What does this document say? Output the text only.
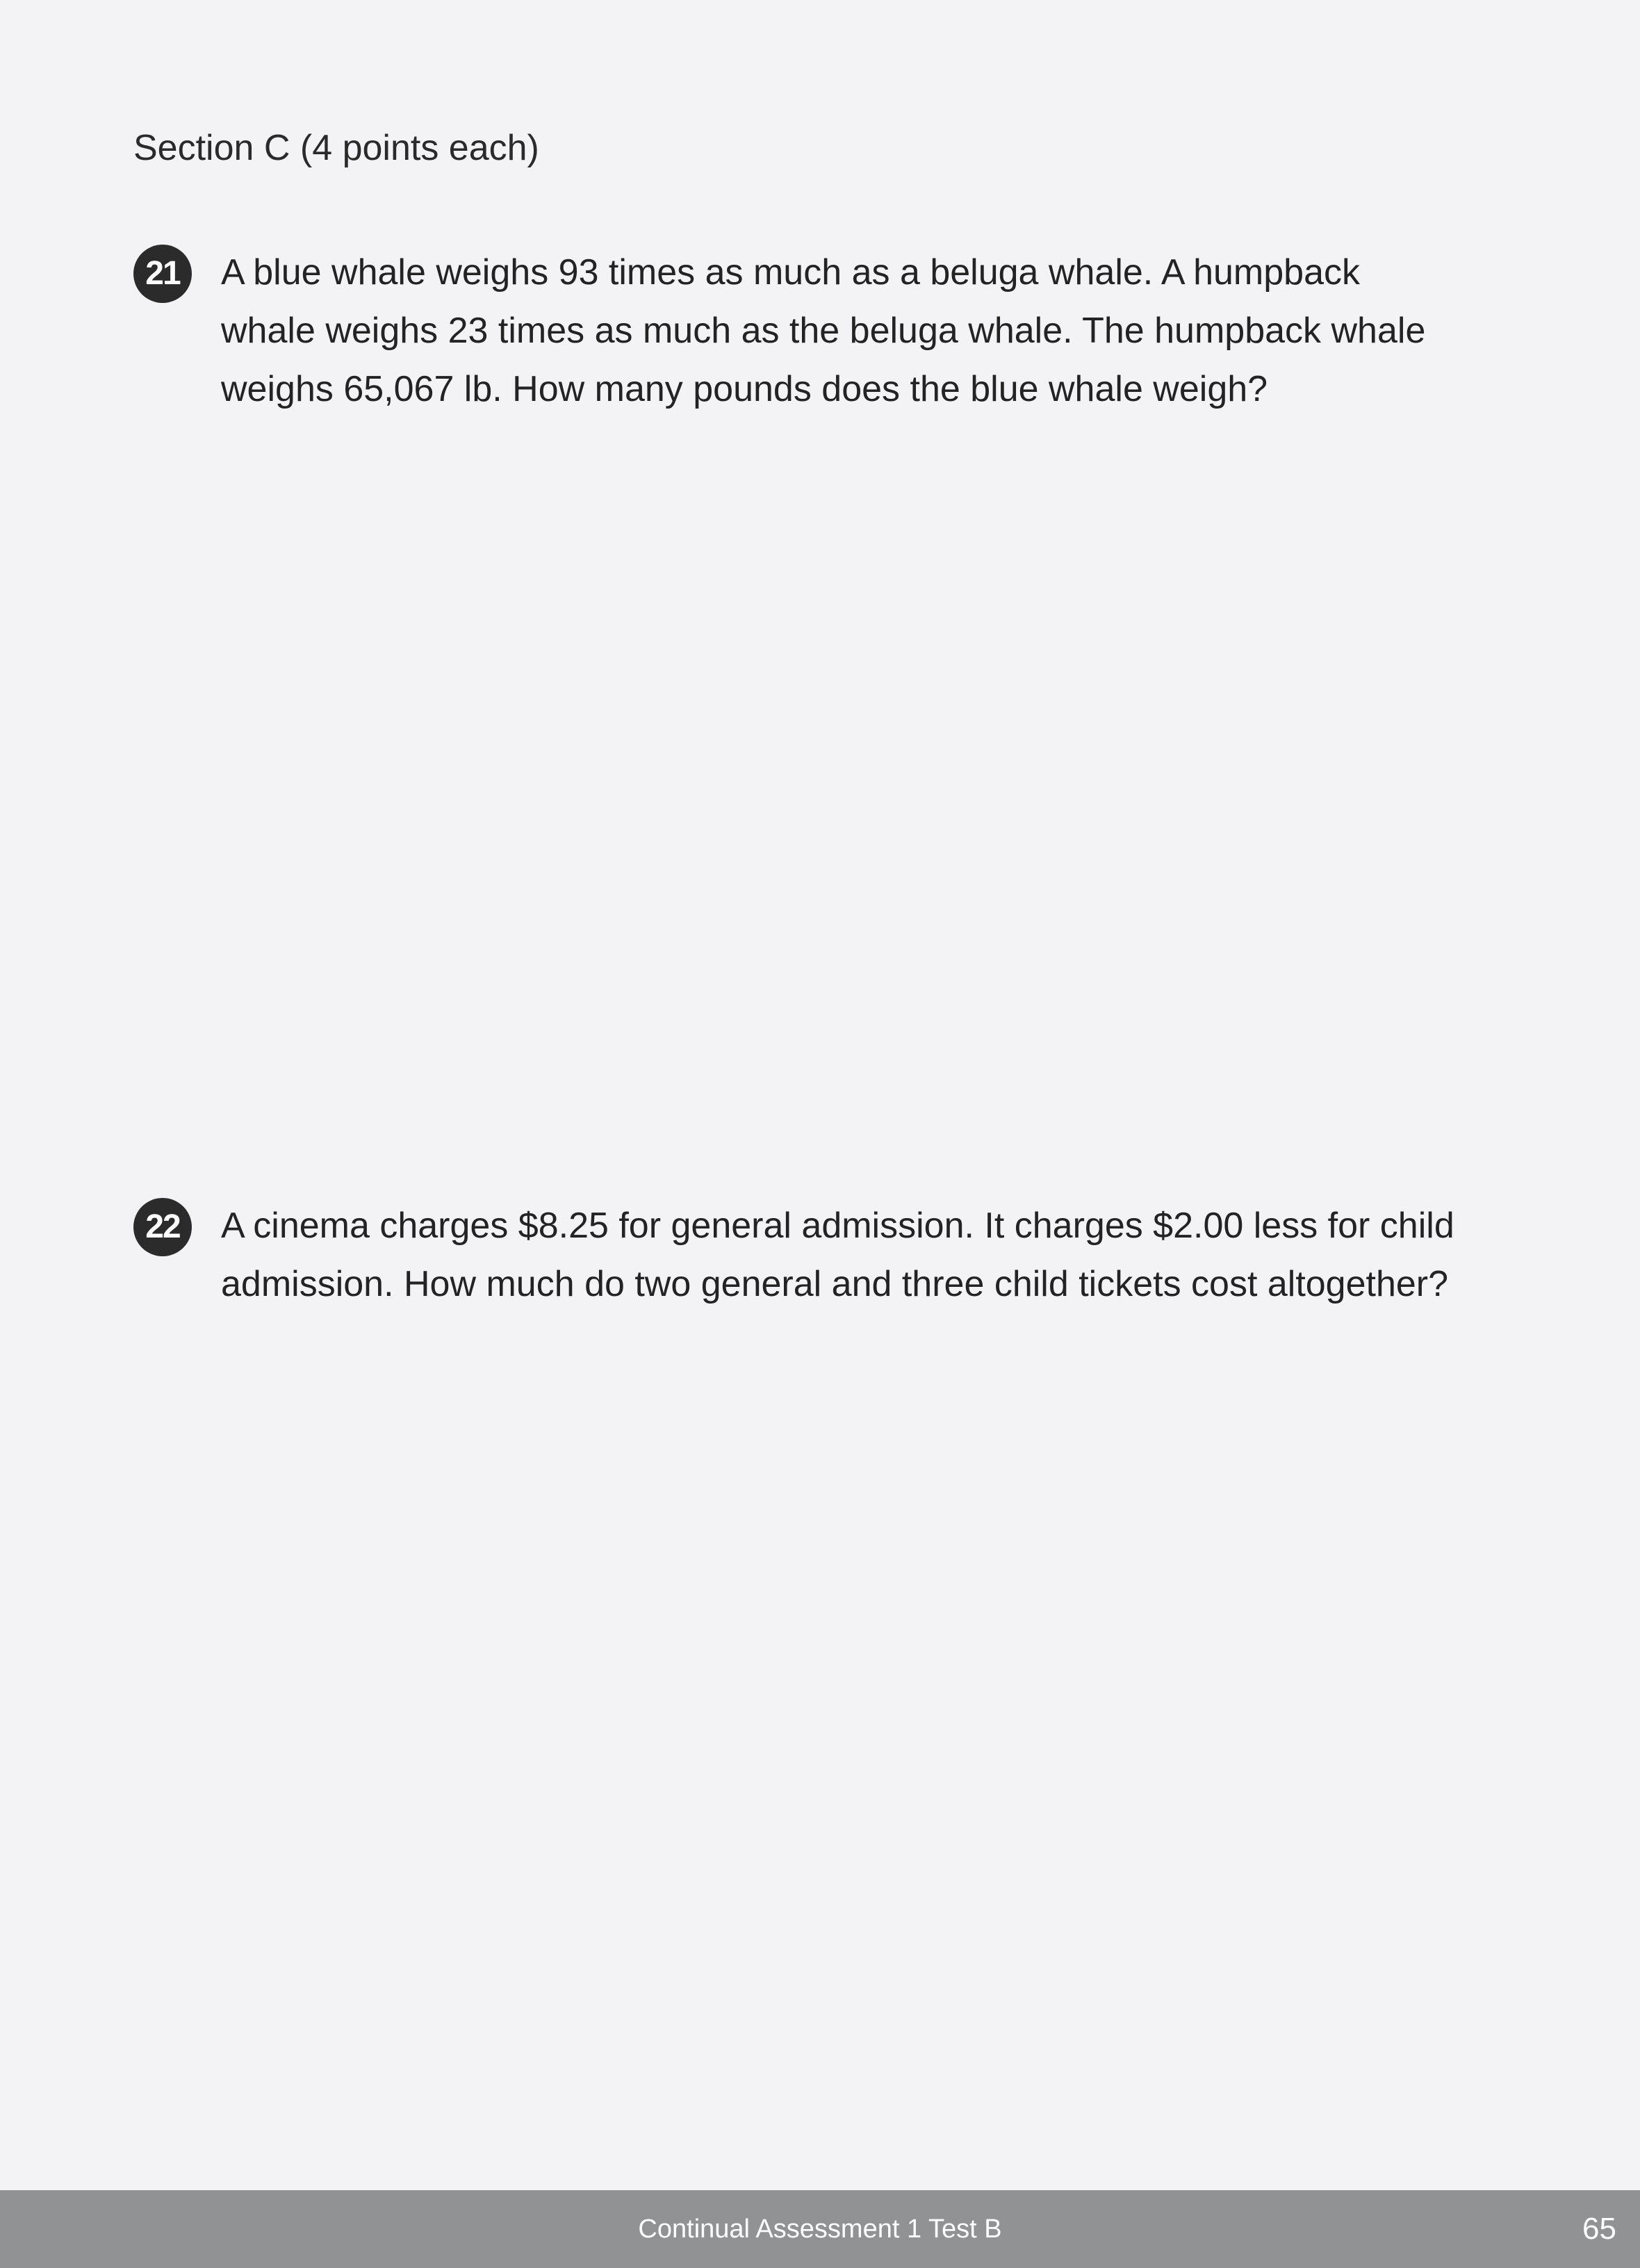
Section C (4 points each)
21	A blue whale weighs 93 times as much as a beluga whale. A humpback
whale weighs 23 times as much as the beluga whale. The humpback whale
weighs 65,067 lb. How many pounds does the blue whale weigh?
22	A cinema charges $8.25 for general admission. It charges $2.00 less for child
admission. How much do two general and three child tickets cost altogether?
Continual Assessment 1 Test B	65
